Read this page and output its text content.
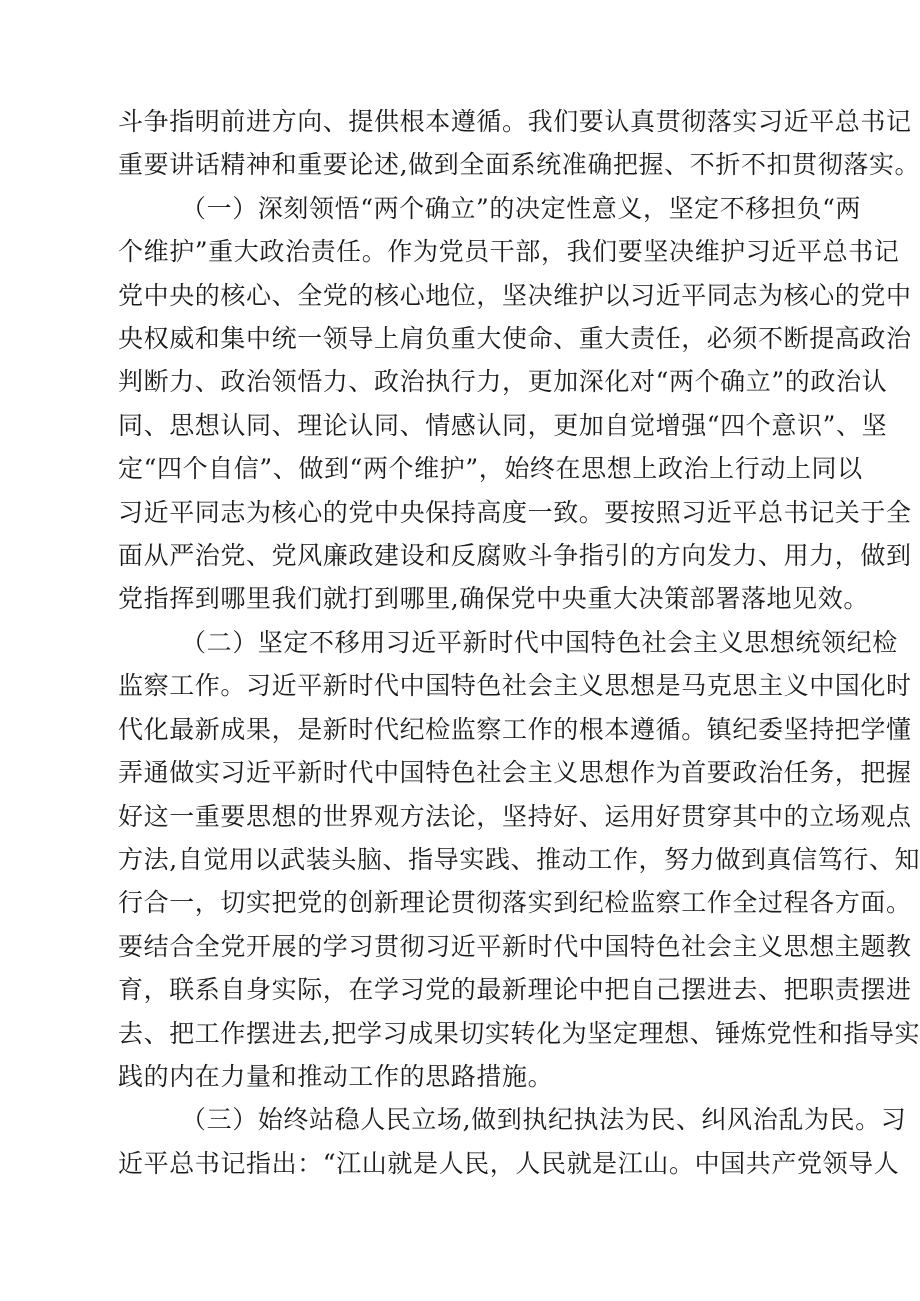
斗争指明前进方向、提供根本遵循。我们要认真贯彻落实习近平总书记
重要讲话精神和重要论述,做到全面系统准确把握、不折不扣贯彻落实。

（一）深刻领悟“两个确立”的决定性意义，坚定不移担负“两
个维护”重大政治责任。作为党员干部，我们要坚决维护习近平总书记
党中央的核心、全党的核心地位，坚决维护以习近平同志为核心的党中
央权威和集中统一领导上肩负重大使命、重大责任，必须不断提高政治
判断力、政治领悟力、政治执行力，更加深化对“两个确立”的政治认
同、思想认同、理论认同、情感认同，更加自觉增强“四个意识”、坚
定“四个自信”、做到“两个维护”，始终在思想上政治上行动上同以
习近平同志为核心的党中央保持高度一致。要按照习近平总书记关于全
面从严治党、党风廉政建设和反腐败斗争指引的方向发力、用力，做到
党指挥到哪里我们就打到哪里,确保党中央重大决策部署落地见效。

（二）坚定不移用习近平新时代中国特色社会主义思想统领纪检
监察工作。习近平新时代中国特色社会主义思想是马克思主义中国化时
代化最新成果，是新时代纪检监察工作的根本遵循。镇纪委坚持把学懂
弄通做实习近平新时代中国特色社会主义思想作为首要政治任务，把握
好这一重要思想的世界观方法论，坚持好、运用好贯穿其中的立场观点
方法,自觉用以武装头脑、指导实践、推动工作，努力做到真信笃行、知
行合一，切实把党的创新理论贯彻落实到纪检监察工作全过程各方面。
要结合全党开展的学习贯彻习近平新时代中国特色社会主义思想主题教
育，联系自身实际，在学习党的最新理论中把自己摆进去、把职责摆进
去、把工作摆进去,把学习成果切实转化为坚定理想、锤炼党性和指导实
践的内在力量和推动工作的思路措施。

（三）始终站稳人民立场,做到执纪执法为民、纠风治乱为民。习
近平总书记指出：“江山就是人民，人民就是江山。中国共产党领导人
